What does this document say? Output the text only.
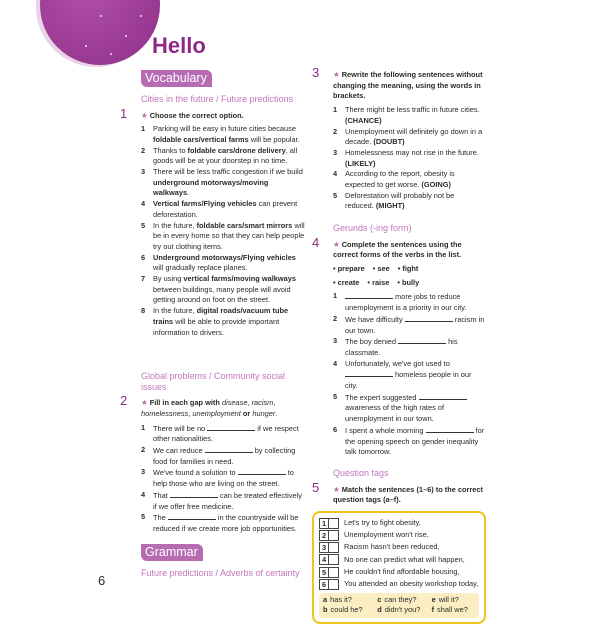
Hello
Vocabulary
Cities in the future / Future predictions
1 ★ Choose the correct option.
1	Parking will be easy in future cities because foldable cars/vertical farms will be popular.
2	Thanks to foldable cars/drone delivery, all goods will be at your doorstep in no time.
3	There will be less traffic congestion if we build underground motorways/moving walkways.
4	Vertical farms/Flying vehicles can prevent deforestation.
5	In the future, foldable cars/smart mirrors will be in every home so that they can help people try out clothing items.
6	Underground motorways/Flying vehicles will gradually replace planes.
7	By using vertical farms/moving walkways between buildings, many people will avoid getting around on foot on the street.
8	In the future, digital roads/vacuum tube trains will be able to provide important information to drivers.
Global problems / Community social issues
2 ★ Fill in each gap with disease, racism, homelessness, unemployment or hunger.
1	There will be no	if we respect other nationalities.
2	We can reduce	by collecting food for families in need.
3	We've found a solution to	to help those who are living on the street.
4	That	can be treated effectively if we offer free medicine.
5	The	in the countryside will be reduced if we create more job opportunities.
Grammar
Future predictions / Adverbs of certainty
3 ★ Rewrite the following sentences without changing the meaning, using the words in brackets.
1	There might be less traffic in future cities. (CHANCE)
2	Unemployment will definitely go down in a decade. (DOUBT)
3	Homelessness may not rise in the future. (LIKELY)
4	According to the report, obesity is expected to get worse. (GOING)
5	Deforestation will probably not be reduced. (MIGHT)
Gerunds (-ing form)
4 ★ Complete the sentences using the correct forms of the verbs in the list.
• prepare • see • fight
• create • raise • bully
1	more jobs to reduce unemployment is a priority in our city.
2	We have difficulty	racism in our town.
3	The boy denied	his classmate.
4	Unfortunately, we've got used to  homeless people in our city.
5	The expert suggested  awareness of the high rates of unemployment in our town.
6	I spent a whole morning	for the opening speech on gender inequality talk tomorrow.
Question tags
5 ★ Match the sentences (1–6) to the correct question tags (a–f).
1	Let's try to fight obesity,
2	Unemployment won't rise,
3	Racism hasn't been reduced,
4	No one can predict what will happen,
5	He couldn't find affordable housing,
6	You attended an obesity workshop today,
a has it?	c can they?	e will it?
b could he?	d didn't you?	f shall we?
6
